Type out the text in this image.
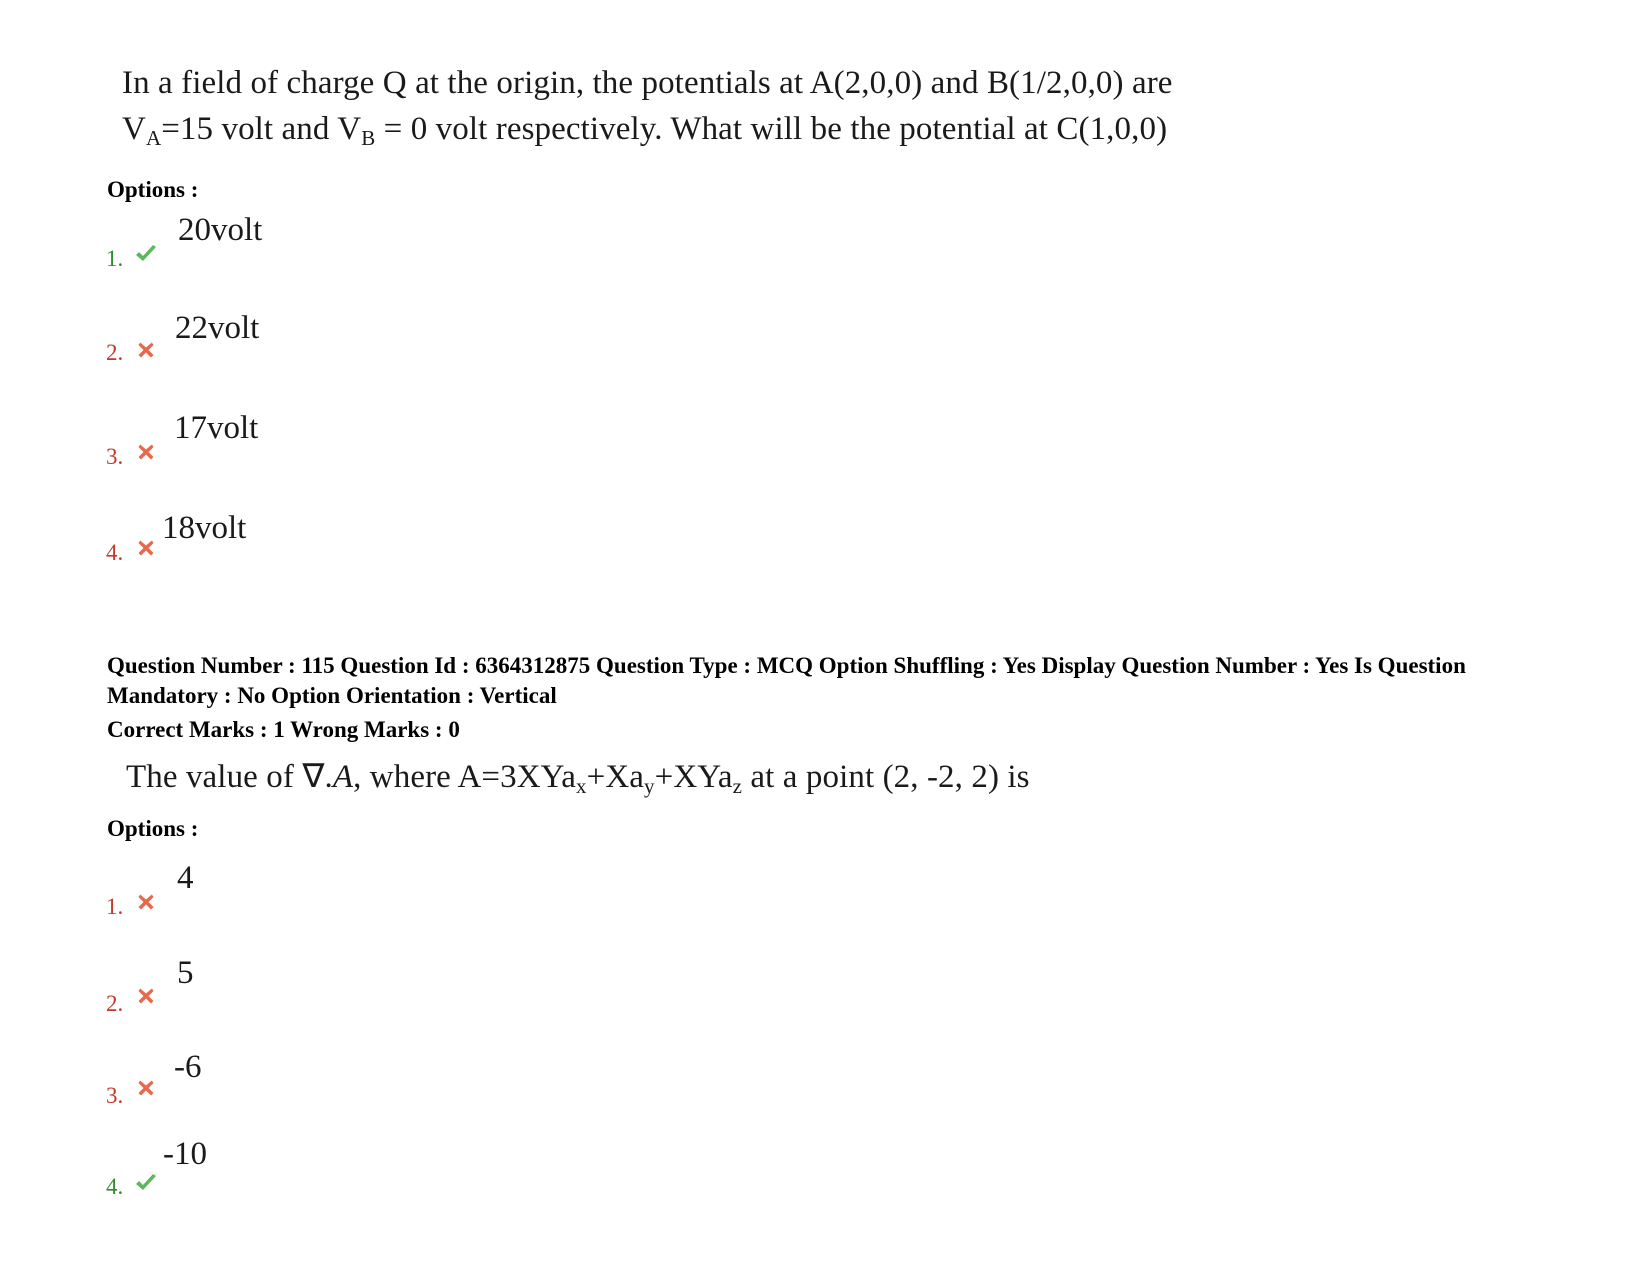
In a field of charge Q at the origin, the potentials at A(2,0,0) and B(1/2,0,0) are
$V_A=15$ volt and $V_B = 0$ volt respectively. What will be the potential at C(1,0,0)
Options :
1.
20volt
2.
22volt
3.
17volt
4.
18volt
Question Number : 115 Question Id : 6364312875 Question Type : MCQ Option Shuffling : Yes Display Question Number : Yes Is Question Mandatory : No Option Orientation : Vertical
Correct Marks : 1 Wrong Marks : 0
The value of ∇.A, where $A=3XYa_x+Xa_y+XYa_z$ at a point (2, -2, 2) is
Options :
1.
4
2.
5
3.
-6
4.
-10
